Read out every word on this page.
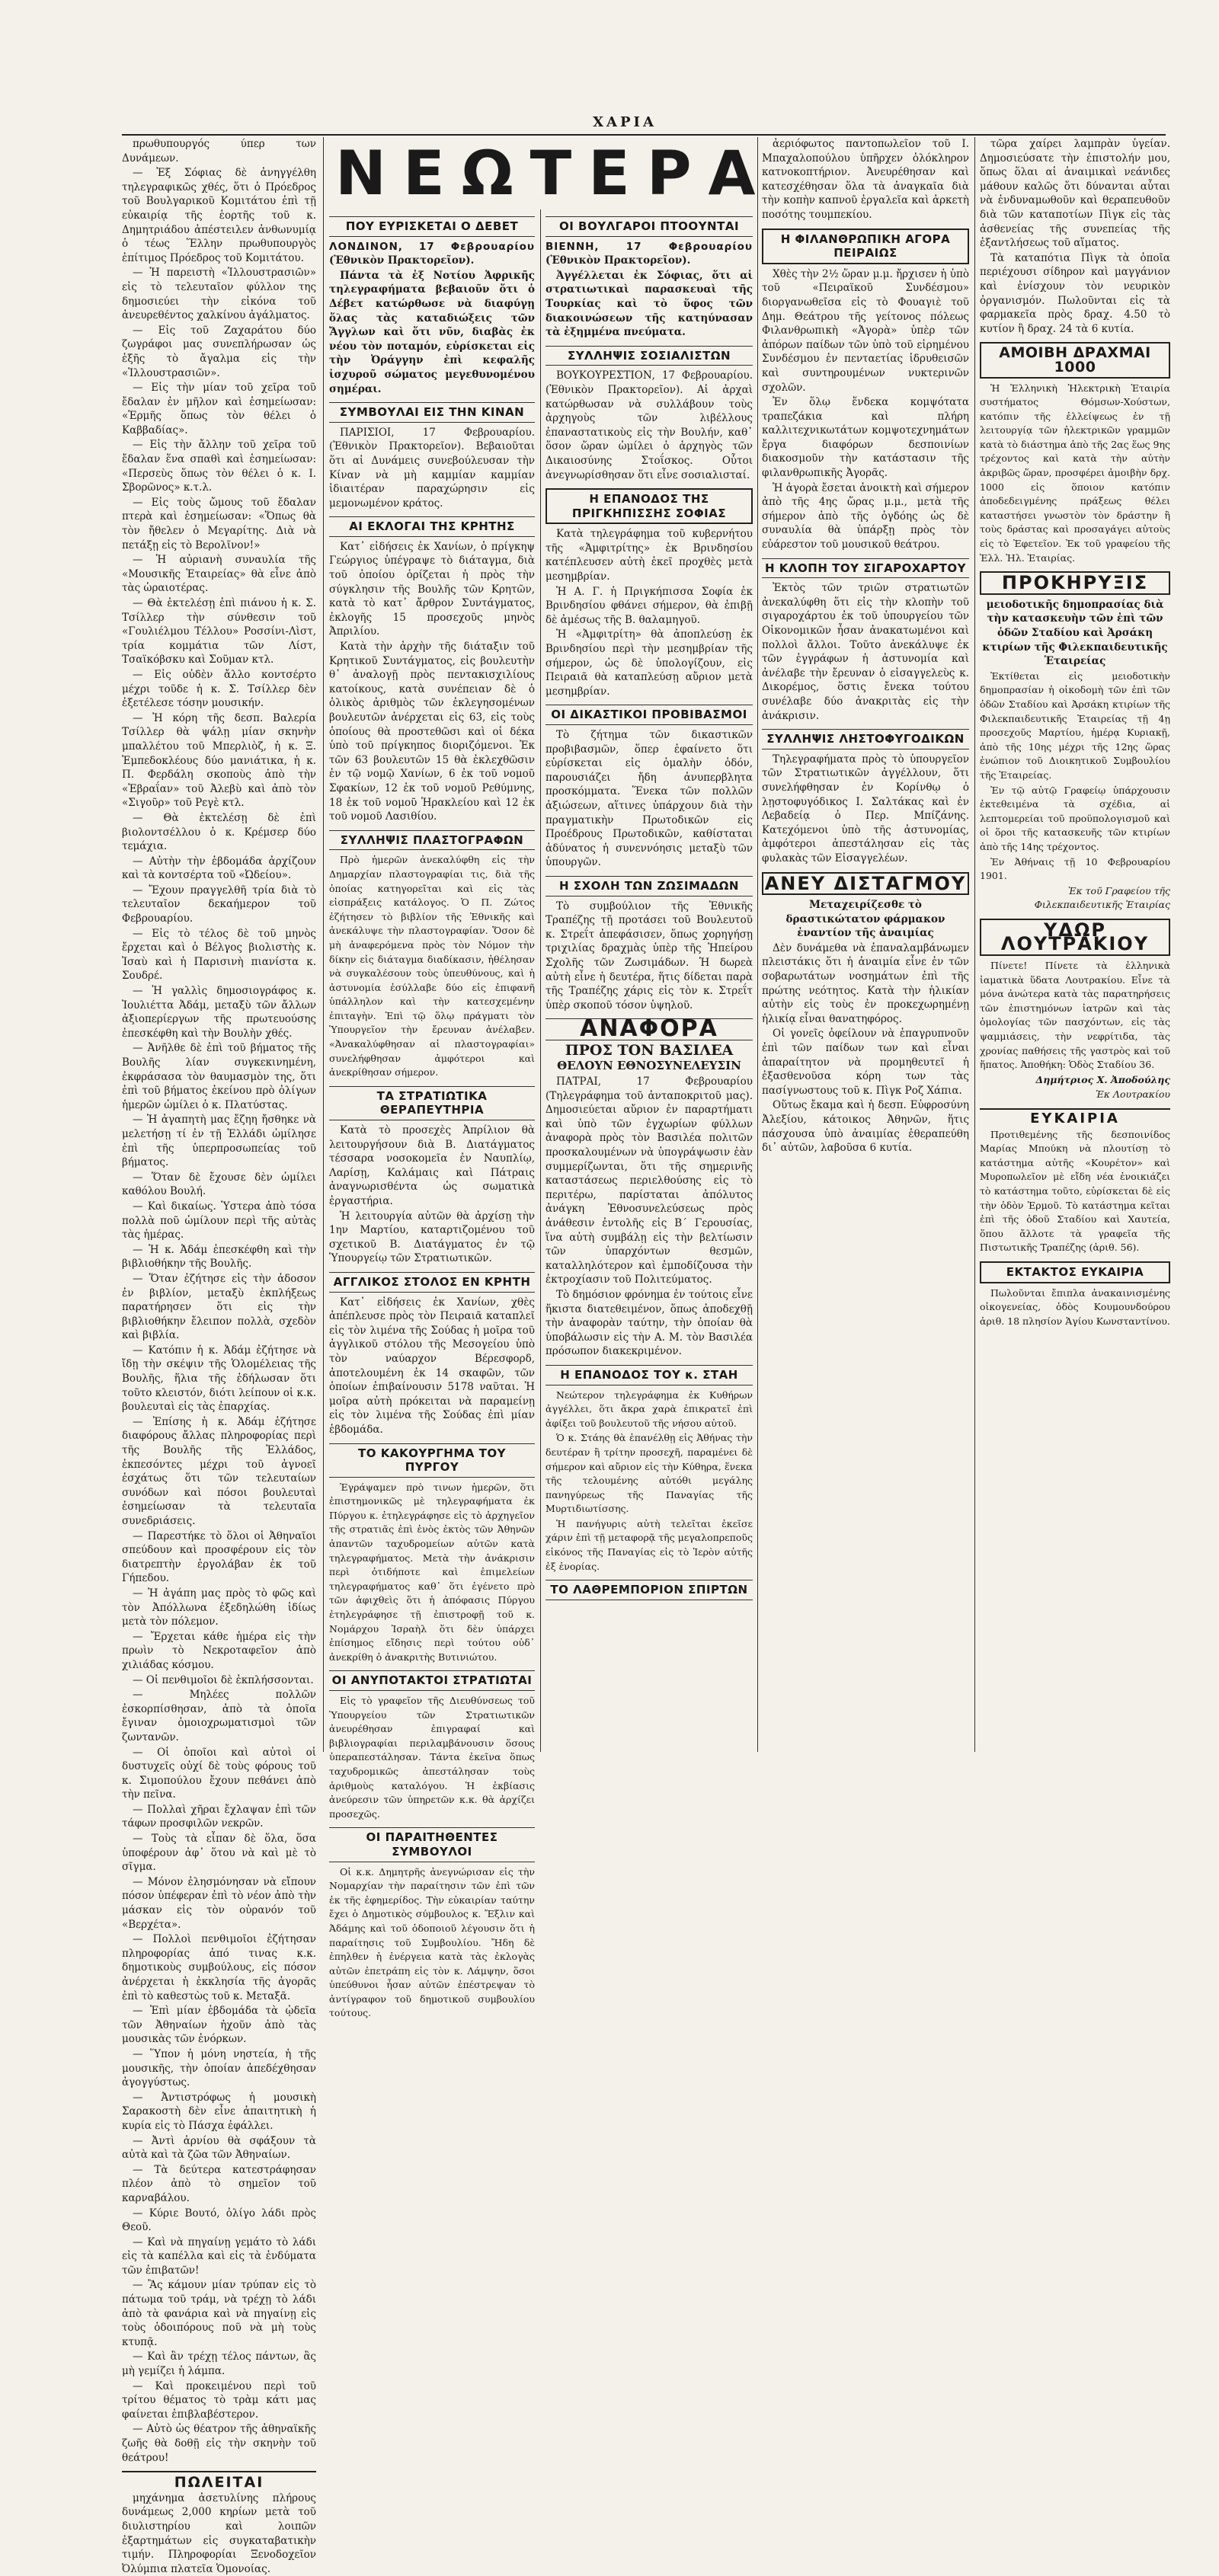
ΧΑΡΙΑ
ΝΕΩΤΕΡΑ

πρωθυπουργός ύπερ των Δυνάμεων.

— Ἐξ Σόφιας δὲ ἀνηγγέλθη τηλεγραφικῶς χθές, ὅτι ὁ Πρόεδρος τοῦ Βουλγαρικοῦ Κομιτάτου ἐπὶ τῇ εὐκαιρίᾳ τῆς ἑορτῆς τοῦ κ. Δημητριάδου ἀπέστειλεν ἀνθωνυμίᾳ ὁ τέως Ἕλλην πρωθυπουργὸς ἐπίτιμος Πρόεδρος τοῦ Κομιτάτου.

— Ἡ παρειστὴ «Ἱλλουστρασιῶν» εἰς τὸ τελευταῖον φύλλον της δημοσιεύει τὴν εἰκόνα τοῦ ἀνευρεθέντος χαλκίνου ἀγάλματος.

— Εἰς τοῦ Ζαχαράτου δύο ζωγράφοι μας συνεπλήρωσαν ὡς ἑξῆς τὸ ἄγαλμα εἰς τὴν «Ἱλλουστρασιῶν».

— Εἰς τὴν μίαν τοῦ χεῖρα τοῦ ἔδαλαν ἐν μῆλον καὶ ἐσημείωσαν: «Ἑρμῆς ὅπως τὸν θέλει ὁ Καββαδίας».

— Εἰς τὴν ἄλλην τοῦ χεῖρα τοῦ ἔδαλαν ἕνα σπαθὶ καὶ ἐσημείωσαν: «Περσεὺς ὅπως τὸν θέλει ὁ κ. Ι. Σβορῶνος» κ.τ.λ.

— Εἰς τοὺς ὤμους τοῦ ἔδαλαν πτερὰ καὶ ἐσημείωσαν: «Ὅπως θὰ τὸν ἤθελεν ὁ Μεγαρίτης. Διὰ νὰ πετάξῃ εἰς τὸ Βερολῖνον!»

— Ἡ αὐριανὴ συναυλία τῆς «Μουσικῆς Ἑταιρείας» θὰ εἶνε ἀπὸ τὰς ὡραιοτέρας.

— Θὰ ἐκτελέσῃ ἐπὶ πιάνου ἡ κ. Σ. Τσίλλερ τὴν σύνθεσιν τοῦ «Γουλιέλμου Τέλλου» Ροσσίνι-Λὶστ, τρία κομμάτια τῶν Λίστ, Τσαϊκόβσκυ καὶ Σοῦμαν κτλ.

— Εἰς οὐδὲν ἄλλο κοντσέρτο μέχρι τοῦδε ἡ κ. Σ. Τσίλλερ δὲν ἐξετέλεσε τόσην μουσικήν.

— Ἡ κόρη τῆς δεσπ. Βαλερία Τσίλλερ θὰ ψάλῃ μίαν σκηνὴν μπαλλέτου τοῦ Μπερλιὸζ, ἡ κ. Ξ. Ἐμπεδοκλέους δύο μανιάτικα, ἡ κ. Π. Φερδάλη σκοποὺς ἀπὸ τὴν «Ἑβραΐαν» τοῦ Ἀλεβὺ καὶ ἀπὸ τὸν «Σιγοῦρ» τοῦ Ρεγὲ κτλ.

— Θὰ ἐκτελέσῃ δὲ ἐπὶ βιολοντσέλλου ὁ κ. Κρέμσερ δύο τεμάχια.

— Αὐτὴν τὴν ἑβδομάδα ἀρχίζουν καὶ τὰ κοντσέρτα τοῦ «Ὠδείου».

— Ἔχουν πραγγελθῆ τρία διὰ τὸ τελευταῖον δεκαήμερον τοῦ Φεβρουαρίου.

— Εἰς τὸ τέλος δὲ τοῦ μηνὸς ἔρχεται καὶ ὁ Βέλγος βιολιστὴς κ. Ἰσαὺ καὶ ἡ Παρισινὴ πιανίστα κ. Σουδρέ.

— Ἡ γαλλὶς δημοσιογράφος κ. Ἰουλιέττα Ἀδάμ, μεταξὺ τῶν ἄλλων ἀξιοπερίεργων τῆς πρωτευούσης ἐπεσκέφθη καὶ τὴν Βουλὴν χθές.

— Ἀνῆλθε δὲ ἐπὶ τοῦ βήματος τῆς Βουλῆς λίαν συγκεκινημένη, ἐκφράσασα τὸν θαυμασμὸν της, ὅτι ἐπὶ τοῦ βήματος ἐκείνου πρὸ ὀλίγων ἡμερῶν ὡμίλει ὁ κ. Πλατύστας.

— Ἡ ἀγαπητὴ μας ἔζηη ἤσθηκε νὰ μελετήσῃ τί ἐν τῇ Ἑλλάδι ὡμίλησε ἐπὶ τῆς ὑπερπροσωπείας τοῦ βήματος.

— Ὅταν δὲ ἔχουσε δὲν ὡμίλει καθόλου Βουλή.

— Καὶ δικαίως. Ὑστερα ἀπὸ τόσα πολλὰ ποῦ ὡμίλουν περὶ τῆς αὐτὰς τὰς ἡμέρας.

— Ἡ κ. Ἀδάμ ἐπεσκέφθη καὶ τὴν βιβλιοθήκην τῆς Βουλῆς.

— Ὅταν ἐζήτησε εἰς τὴν ἀδοσον ἐν βιβλίον, μεταξὺ ἐκπλήξεως παρατήρησεν ὅτι εἰς τὴν βιβλιοθήκην ἔλειπον πολλὰ, σχεδὸν καὶ βιβλία.

— Κατόπιν ἡ κ. Ἀδάμ ἐζήτησε νὰ ἴδῃ τὴν σκέψιν τῆς Ὁλομέλειας τῆς Βουλῆς, ἥλια τῆς ἐδήλωσαν ὅτι τοῦτο κλειστόν, διότι λείπουν οἱ κ.κ. βουλευταὶ εἰς τὰς ἐπαρχίας.

— Ἐπίσης ἡ κ. Ἀδάμ ἐζήτησε διαφόρους ἄλλας πληροφορίας περὶ τῆς Βουλῆς τῆς Ἑλλάδος, ἐκπεσόντες μέχρι τοῦ ἀγνοεῖ ἐσχάτως ὅτι τῶν τελευταίων συνόδων καὶ πόσοι βουλευταὶ ἐσημείωσαν τὰ τελευταῖα συνεδριάσεις.

— Παρεστήκε τὸ ὅλοι οἱ Ἀθηναῖοι σπεύδουν καὶ προσφέρουν εἰς τὸν διατρεπτὴν ἐργολάβαν ἐκ τοῦ Γήπεδου.

— Ἡ ἀγάπη μας πρὸς τὸ φῶς καὶ τὸν Ἀπόλλωνα ἐξεδηλώθη ἰδίως μετὰ τὸν πόλεμον.

— Ἔρχεται κάθε ἡμέρα εἰς τὴν πρωὶν τὸ Νεκροταφεῖον ἀπὸ χιλιάδας κόσμου.

— Οἱ πενθιμοῖοι δὲ ἐκπλήσσονται.

— Μηλέες πολλῶν ἐσκορπίσθησαν, ἀπὸ τὰ ὁποῖα ἔγιναν ὁμοιοχρωματισμοὶ τῶν ζωντανῶν.

— Οἱ ὁποῖοι καὶ αὐτοὶ οἱ δυστυχεῖς οὐχί δὲ τοὺς φόρους τοῦ κ. Σιμοπούλου ἔχουν πεθάνει ἀπὸ τὴν πεῖνα.

— Πολλαὶ χῆραι ἔχλαψαν ἐπὶ τῶν τάφων προσφιλῶν νεκρῶν.

— Τοὺς τὰ εἶπαν δὲ ὅλα, ὅσα ὑποφέρουν ἀφ᾿ ὅτου νὰ καὶ μὲ τὸ σῖγμα.

— Μόνον ἐλησμόνησαν νὰ εἴπουν πόσον ὑπέφεραν ἐπὶ τὸ νέον ἀπὸ τὴν μάσκαν εἰς τὸν οὐρανόν τοῦ «Βερχέτα».

— Πολλοὶ πενθιμοῖοι ἐζήτησαν πληροφορίας ἀπό τινας κ.κ. δημοτικοὺς συμβούλους, εἰς πόσον ἀνέρχεται ἡ ἐκκλησία τῆς ἀγορᾶς ἐπὶ τὸ καθεστὼς τοῦ κ. Μεταξᾶ.

— Ἐπὶ μίαν ἑβδομάδα τὰ ᾠδεῖα τῶν Ἀθηναίων ἠχοῦν ἀπὸ τὰς μουσικὰς τῶν ἐνόρκων.

— Ὕπον ἡ μόνη νηστεία, ἡ τῆς μουσικῆς, τὴν ὁποίαν ἀπεδέχθησαν ἀγογγύστως.

— Ἀντιστρόφως ἡ μουσικὴ Σαρακοστὴ δὲν εἶνε ἀπαιτητικὴ ἡ κυρία εἰς τὸ Πάσχα ἐφάλλει.

— Ἀντὶ ἀρνίου θὰ σφάξουν τὰ αὐτὰ καὶ τὰ ζῶα τῶν Ἀθηναίων.

— Τὰ δεύτερα κατεστράφησαν πλέον ἀπὸ τὸ σημεῖον τοῦ καρναβάλου.

— Κύριε Βουτό, ὀλίγο λάδι πρὸς Θεοῦ.

— Καὶ νὰ πηγαίνῃ γεμάτο τὸ λάδι εἰς τὰ καπέλλα καὶ εἰς τὰ ἐνδύματα τῶν ἐπιβατῶν!

— Ἂς κάμουν μίαν τρύπαν εἰς τὸ πάτωμα τοῦ τράμ, νὰ τρέχῃ τὸ λάδι ἀπὸ τὰ φανάρια καὶ νὰ πηγαίνῃ εἰς τοὺς ὁδοιπόρους ποῦ νὰ μὴ τοὺς κτυπᾷ.

— Καὶ ἂν τρέχῃ τέλος πάντων, ἂς μὴ γεμίζει ἡ λάμπα.

— Καὶ προκειμένου περὶ τοῦ τρίτου θέματος τὸ τρὰμ κάτι μας φαίνεται ἐπιβλαβέστερον.

— Αὐτὸ ὡς θέατρον τῆς ἀθηναϊκῆς ζωῆς θὰ δοθῇ εἰς τὴν σκηνὴν τοῦ θεάτρου!

ΠΩΛΕΙΤΑΙ

μηχάνημα ἀσετυλίνης πλήρους δυνάμεως 2,000 κηρίων μετὰ τοῦ διυλιστηρίου καὶ λοιπῶν ἐξαρτημάτων εἰς συγκαταβατικὴν τιμήν. Πληροφορίαι Ξενοδοχεῖον Ὀλύμπια πλατεῖα Ὁμονοίας.

ΠΟΥ ΕΥΡΙΣΚΕΤΑΙ Ο ΔΕΒΕΤ

ΛΟΝΔΙΝΟΝ, 17 Φεβρουαρίου (Ἐθνικὸν Πρακτορεῖον).

Πάντα τὰ ἐξ Νοτίου Ἀφρικῆς τηλεγραφήματα βεβαιοῦν ὅτι ὁ Δέβετ κατώρθωσε νὰ διαφύγῃ ὅλας τὰς καταδιώξεις τῶν Ἄγγλων καὶ ὅτι νῦν, διαβὰς ἐκ νέου τὸν ποταμόν, εὑρίσκεται εἰς τὴν Ὀράγγην ἐπὶ κεφαλῆς ἰσχυροῦ σώματος μεγεθυνομένου σημέραι.

ΣΥΜΒΟΥΛΑΙ ΕΙΣ ΤΗΝ ΚΙΝΑΝ

ΠΑΡΙΣΙΟΙ, 17 Φεβρουαρίου. (Ἐθνικὸν Πρακτορεῖον). Βεβαιοῦται ὅτι αἱ Δυνάμεις συνεβούλευσαν τὴν Κίναν νὰ μὴ καμμίαν καμμίαν ἰδιαιτέραν παραχώρησιν εἰς μεμονωμένον κράτος.

ΑΙ ΕΚΛΟΓΑΙ ΤΗΣ ΚΡΗΤΗΣ

Κατ᾿ εἰδήσεις ἐκ Χανίων, ὁ πρίγκηψ Γεώργιος ὑπέγραψε τὸ διάταγμα, διὰ τοῦ ὁποίου ὁρίζεται ἡ πρὸς τὴν σύγκλησιν τῆς Βουλῆς τῶν Κρητῶν, κατὰ τὸ κατ᾿ ἄρθρον Συντάγματος, ἐκλογῆς 15 προσεχοῦς μηνὸς Ἀπριλίου.

Κατὰ τὴν ἀρχὴν τῆς διάταξιν τοῦ Κρητικοῦ Συντάγματος, εἰς βουλευτὴν θ᾿ ἀναλογῇ πρὸς πεντακισχιλίους κατοίκους, κατὰ συνέπειαν δὲ ὁ ὁλικὸς ἀριθμὸς τῶν ἐκλεγησομένων βουλευτῶν ἀνέρχεται εἰς 63, εἰς τοὺς ὁποίους θὰ προστεθῶσι καὶ οἱ δέκα ὑπὸ τοῦ πρίγκηπος διοριζόμενοι. Ἐκ τῶν 63 βουλευτῶν 15 θὰ ἐκλεχθῶσιν ἐν τῷ νομῷ Χανίων, 6 ἐκ τοῦ νομοῦ Σφακίων, 12 ἐκ τοῦ νομοῦ Ρεθύμνης, 18 ἐκ τοῦ νομοῦ Ἡρακλείου καὶ 12 ἐκ τοῦ νομοῦ Λασιθίου.

ΣΥΛΛΗΨΙΣ ΠΛΑΣΤΟΓΡΑΦΩΝ

Πρὸ ἡμερῶν ἀνεκαλύφθη εἰς τὴν Δημαρχίαν πλαστογραφίαι τις, διὰ τῆς ὁποίας κατηγορεῖται καὶ εἰς τὰς εἰσπράξεις κατάλογος. Ὁ Π. Ζώτος ἐζήτησεν τὸ βιβλίον τῆς Ἐθνικῆς καὶ ἀνεκάλυψε τὴν πλαστογραφίαν. Ὅσον δὲ μὴ ἀναφερόμενα πρὸς τὸν Νόμον τὴν δίκην εἰς διάταγμα διαδίκασιν, ἠθέλησαν νὰ συγκαλέσουν τοὺς ὑπευθύνους, καὶ ἡ ἀστυνομία ἐσύλλαβε δύο εἰς ἐπιφανῆ ὑπάλληλον καὶ τὴν κατεσχεμένην ἐπιταγὴν. Ἐπὶ τῷ ὅλῳ πράγματι τὸν Ὑπουργεῖον τὴν ἔρευναν ἀνέλαβεν. «Ἀνακαλύφθησαν αἱ πλαστογραφίαι» συνελήφθησαν ἀμφότεροι καὶ ἀνεκρίθησαν σήμερον.

ΤΑ ΣΤΡΑΤΙΩΤΙΚΑ ΘΕΡΑΠΕΥΤΗΡΙΑ

Κατὰ τὸ προσεχὲς Ἀπρίλιον θὰ λειτουργήσουν διὰ Β. Διατάγματος τέσσαρα νοσοκομεῖα ἐν Ναυπλίῳ, Λαρίσῃ, Καλάμαις καὶ Πάτραις ἀναγνωρισθέντα ὡς σωματικὰ ἐργαστήρια.

Ἡ λειτουργία αὐτῶν θὰ ἀρχίσῃ τὴν 1ην Μαρτίου, καταρτιζομένου τοῦ σχετικοῦ Β. Διατάγματος ἐν τῷ Ὑπουργείῳ τῶν Στρατιωτικῶν.

ΑΓΓΛΙΚΟΣ ΣΤΟΛΟΣ ΕΝ ΚΡΗΤΗ

Κατ᾿ εἰδήσεις ἐκ Χανίων, χθὲς ἀπέπλευσε πρὸς τὸν Πειραιᾶ καταπλεῖ εἰς τὸν λιμένα τῆς Σούδας ἡ μοῖρα τοῦ ἀγγλικοῦ στόλου τῆς Μεσογείου ὑπὸ τὸν ναύαρχον Βέρεσφορδ, ἀποτελουμένη ἐκ 14 σκαφῶν, τῶν ὁποίων ἐπιβαίνουσιν 5178 ναῦται. Ἡ μοῖρα αὐτὴ πρόκειται νὰ παραμείνῃ εἰς τὸν λιμένα τῆς Σούδας ἐπὶ μίαν ἑβδομάδα.

ΤΟ ΚΑΚΟΥΡΓΗΜΑ ΤΟΥ ΠΥΡΓΟΥ

Ἐγράψαμεν πρὸ τινων ἡμερῶν, ὅτι ἐπιστημονικῶς μὲ τηλεγραφήματα ἐκ Πύργου κ. ἐτηλεγράφησε εἰς τὸ ἀρχηγεῖον τῆς στρατιᾶς ἐπὶ ἑνὸς ἐκτὸς τῶν Ἀθηνῶν ἀπαντῶν ταχυδρομείων αὐτῶν κατὰ τηλεγραφήματος. Μετὰ τὴν ἀνάκρισιν περὶ ὁτιδήποτε καὶ ἐπιμελείων τηλεγραφήματος καθ᾿ ὅτι ἐγένετο πρὸ τῶν ἀφιχθεὶς ὅτι ἡ ἀπόφασις Πύργου ἐτηλεγράφησε τῇ ἐπιστροφῇ τοῦ κ. Νομάρχου Ἰσραὴλ ὅτι δὲν ὑπάρχει ἐπίσημος εἴδησις περὶ τούτου οὐδ᾿ ἀνεκρίθη ὁ ἀνακριτὴς Βυτινιώτου.

ΟΙ ΑΝΥΠΟΤΑΚΤΟΙ ΣΤΡΑΤΙΩΤΑΙ

Εἰς τὸ γραφεῖον τῆς Διευθύνσεως τοῦ Ὑπουργείου τῶν Στρατιωτικῶν ἀνευρέθησαν ἐπιγραφαί καὶ βιβλιογραφίαι περιλαμβάνουσιν ὅσους ὑπεραπεστάλησαν. Τάντα ἐκεῖνα ὅπως ταχυδρομικῶς ἀπεστάλησαν τοὺς ἀριθμοὺς καταλόγου. Ἡ ἐκβίασις ἀνεύρεσιν τῶν ὑπηρετῶν κ.κ. θὰ ἀρχίζει προσεχῶς.

ΟΙ ΠΑΡΑΙΤΗΘΕΝΤΕΣ ΣΥΜΒΟΥΛΟΙ

Οἱ κ.κ. Δημητρῆς ἀνεγνώρισαν εἰς τὴν Νομαρχίαν τὴν παραίτησιν τῶν ἐπὶ τῶν ἐκ τῆς ἐφημερίδος. Τὴν εὐκαιρίαν ταύτην ἔχει ὁ Δημοτικὸς σύμβουλος κ. Ἔξλιν καὶ Ἀδάμης καὶ τοῦ ὁδοποιοῦ λέγουσιν ὅτι ἡ παραίτησις τοῦ Συμβουλίου. Ἤδη δὲ ἐπηλθεν ἡ ἐνέργεια κατὰ τὰς ἐκλογὰς αὐτῶν ἐπετράπη εἰς τὸν κ. Λάμψην, ὅσοι ὑπεύθυνοι ἦσαν αὐτῶν ἐπέστρεψαν τὸ ἀντίγραφον τοῦ δημοτικοῦ συμβουλίου τούτους.

ΟΙ ΒΟΥΛΓΑΡΟΙ ΠΤΟΟΥΝΤΑΙ

ΒΙΕΝΝΗ, 17 Φεβρουαρίου (Ἐθνικὸν Πρακτορεῖον).

Ἀγγέλλεται ἐκ Σόφιας, ὅτι αἱ στρατιωτικαὶ παρασκευαὶ τῆς Τουρκίας καὶ τὸ ὕφος τῶν διακοινώσεων τῆς κατηύνασαν τὰ ἐξημμένα πνεύματα.

ΣΥΛΛΗΨΙΣ ΣΟΣΙΑΛΙΣΤΩΝ

ΒΟΥΚΟΥΡΕΣΤΙΟΝ, 17 Φεβρουαρίου. (Ἐθνικὸν Πρακτορεῖον). Αἱ ἀρχαὶ κατώρθωσαν νὰ συλλάβουν τοὺς ἀρχηγοὺς τῶν λιβέλλους ἐπαναστατικοὺς εἰς τὴν Βουλήν, καθ᾿ ὅσον ὥραν ὡμίλει ὁ ἀρχηγὸς τῶν Δικαιοσύνης Στοΐσκος. Οὗτοι ἀνεγνωρίσθησαν ὅτι εἶνε σοσιαλισταί.

Η ΕΠΑΝΟΔΟΣ ΤΗΣ ΠΡΙΓΚΗΠΙΣΣΗΣ ΣΟΦΙΑΣ

Κατὰ τηλεγράφημα τοῦ κυβερνήτου τῆς «Ἀμφιτρίτης» ἐκ Βρινδησίου κατέπλευσεν αὐτὴ ἐκεῖ προχθὲς μετὰ μεσημβρίαν.

Ἡ Α. Γ. ἡ Πριγκήπισσα Σοφία ἐκ Βρινδησίου φθάνει σήμερον, θὰ ἐπιβῇ δὲ ἀμέσως τῆς Β. θαλαμηγοῦ.

Ἡ «Ἀμφιτρίτη» θὰ ἀποπλεύσῃ ἐκ Βρινδησίου περὶ τὴν μεσημβρίαν τῆς σήμερον, ὡς δὲ ὑπολογίζουν, εἰς Πειραιᾶ θὰ καταπλεύσῃ αὔριον μετὰ μεσημβρίαν.

ΟΙ ΔΙΚΑΣΤΙΚΟΙ ΠΡΟΒΙΒΑΣΜΟΙ

Τὸ ζήτημα τῶν δικαστικῶν προβιβασμῶν, ὅπερ ἐφαίνετο ὅτι εὑρίσκεται εἰς ὁμαλὴν ὁδόν, παρουσιάζει ἤδη ἀνυπερβλητα προσκόμματα. Ἕνεκα τῶν πολλῶν ἀξιώσεων, αἵτινες ὑπάρχουν διὰ τὴν πραγματικὴν Πρωτοδικῶν εἰς Προέδρους Πρωτοδικῶν, καθίσταται ἀδύνατος ἡ συνεννόησις μεταξὺ τῶν ὑπουργῶν.

Η ΣΧΟΛΗ ΤΩΝ ΖΩΣΙΜΑΔΩΝ

Τὸ συμβούλιον τῆς Ἐθνικῆς Τραπέζης τῇ προτάσει τοῦ Βουλευτοῦ κ. Στρεΐτ ἀπεφάσισεν, ὅπως χορηγήσῃ τριχιλίας δραχμὰς ὑπὲρ τῆς Ἡπείρου Σχολῆς τῶν Ζωσιμάδων. Ἡ δωρεὰ αὐτὴ εἶνε ἡ δευτέρα, ἥτις δίδεται παρὰ τῆς Τραπέζης χάρις εἰς τὸν κ. Στρεΐτ ὑπὲρ σκοποῦ τόσον ὑψηλοῦ.

ΑΝΑΦΟΡΑ
ΠΡΟΣ ΤΟΝ ΒΑΣΙΛΕΑ
ΘΕΛΟΥΝ ΕΘΝΟΣΥΝΕΛΕΥΣΙΝ

ΠΑΤΡΑΙ, 17 Φεβρουαρίου (Τηλεγράφημα τοῦ ἀνταποκριτοῦ μας). Δημοσιεύεται αὔριον ἐν παραρτήματι καὶ ὑπὸ τῶν ἐγχωρίων φύλλων ἀναφορὰ πρὸς τὸν Βασιλέα πολιτῶν προσκαλουμένων νὰ ὑπογράψωσιν ἐὰν συμμερίζωνται, ὅτι τῆς σημερινῆς καταστάσεως περιελθούσης εἰς τὸ περιτέρω, παρίσταται ἀπόλυτος ἀνάγκη Ἐθνοσυνελεύσεως πρὸς ἀνάθεσιν ἐντολῆς εἰς Β΄ Γερουσίας, ἵνα αὐτὴ συμβάλῃ εἰς τὴν βελτίωσιν τῶν ὑπαρχόντων θεσμῶν, καταλληλότερον καὶ ἐμποδίζουσα τὴν ἐκτροχίασιν τοῦ Πολιτεύματος.

Τὸ δημόσιον φρόνημα ἐν τούτοις εἶνε ἥκιστα διατεθειμένον, ὅπως ἀποδεχθῇ τὴν ἀναφορὰν ταύτην, τὴν ὁποίαν θὰ ὑποβάλωσιν εἰς τὴν Α. Μ. τὸν Βασιλέα πρόσωπον διακεκριμένον.

Η ΕΠΑΝΟΔΟΣ ΤΟΥ κ. ΣΤΑΗ

Νεώτερον τηλεγράφημα ἐκ Κυθήρων ἀγγέλλει, ὅτι ἄκρα χαρὰ ἐπικρατεῖ ἐπὶ ἀφίξει τοῦ βουλευτοῦ τῆς νήσου αὐτοῦ.

Ὁ κ. Στάης θὰ ἐπανέλθῃ εἰς Ἀθήνας τὴν δευτέραν ἢ τρίτην προσεχῆ, παραμένει δὲ σήμερον καὶ αὔριον εἰς τὴν Κύθηρα, ἕνεκα τῆς τελουμένης αὐτόθι μεγάλης πανηγύρεως τῆς Παναγίας τῆς Μυρτιδιωτίσσης.

Ἡ πανήγυρις αὐτὴ τελεῖται ἐκεῖσε χάριν ἐπὶ τῇ μεταφορᾷ τῆς μεγαλοπρεποῦς εἰκόνος τῆς Παναγίας εἰς τὸ Ἱερὸν αὐτῆς ἐξ ἐνορίας.

ΤΟ ΛΑΘΡΕΜΠΟΡΙΟΝ ΣΠΙΡΤΩΝ

ἀεριόφωτος παντοπωλεῖον τοῦ Ι. Μπαχαλοπούλου ὑπῆρχεν ὁλόκληρον κατνοκοπτήριον. Ἀνευρέθησαν καὶ κατεσχέθησαν ὅλα τὰ ἀναγκαῖα διὰ τὴν κοπὴν καπνοῦ ἐργαλεῖα καὶ ἀρκετὴ ποσότης τουμπεκίου.

Η ΦΙΛΑΝΘΡΩΠΙΚΗ ΑΓΟΡΑ ΠΕΙΡΑΙΩΣ

Χθὲς τὴν 2½ ὥραν μ.μ. ἤρχισεν ἡ ὑπὸ τοῦ «Πειραϊκοῦ Συνδέσμου» διοργανωθεῖσα εἰς τὸ Φουαγιὲ τοῦ Δημ. Θεάτρου τῆς γείτονος πόλεως Φιλανθρωπικὴ «Ἀγορὰ» ὑπὲρ τῶν ἀπόρων παίδων τῶν ὑπὸ τοῦ εἰρημένου Συνδέσμου ἐν πενταετίας ἱδρυθεισῶν καὶ συντηρουμένων νυκτερινῶν σχολῶν.

Ἐν ὅλῳ ἕνδεκα κομψότατα τραπεζάκια καὶ πλήρη καλλιτεχνικωτάτων κομψοτεχνημάτων ἔργα διαφόρων δεσποινίων διακοσμοῦν τὴν κατάστασιν τῆς φιλανθρωπικῆς Ἀγορᾶς.

Ἡ ἀγορὰ ἔσεται ἀνοικτὴ καὶ σήμερον ἀπὸ τῆς 4ης ὥρας μ.μ., μετὰ τῆς σήμερον ἀπὸ τῆς ὀγδόης ὡς δὲ συναυλία θὰ ὑπάρξῃ πρὸς τὸν εὐάρεστον τοῦ μουσικοῦ θεάτρου.

Η ΚΛΟΠΗ ΤΟΥ ΣΙΓΑΡΟΧΑΡΤΟΥ

Ἐκτὸς τῶν τριῶν στρατιωτῶν ἀνεκαλύφθη ὅτι εἰς τὴν κλοπὴν τοῦ σιγαροχάρτου ἐκ τοῦ ὑπουργείου τῶν Οἰκονομικῶν ἦσαν ἀνακατωμένοι καὶ πολλοὶ ἄλλοι. Τοῦτο ἀνεκάλυψε ἐκ τῶν ἐγγράφων ἡ ἀστυνομία καὶ ἀνέλαβε τὴν ἔρευναν ὁ εἰσαγγελεὺς κ. Δικορέμος, ὅστις ἔνεκα τούτου συνέλαβε δύο ἀνακριτὰς εἰς τὴν ἀνάκρισιν.

ΣΥΛΛΗΨΙΣ ΛΗΣΤΟΦΥΓΟΔΙΚΩΝ

Τηλεγραφήματα πρὸς τὸ ὑπουργεῖον τῶν Στρατιωτικῶν ἀγγέλλουν, ὅτι συνελήφθησαν ἐν Κορίνθῳ ὁ λῃστοφυγόδικος Ι. Σαλτάκας καὶ ἐν Λεβαδείᾳ ὁ Περ. Μπίζάνης. Κατεχόμενοι ὑπὸ τῆς ἀστυνομίας, ἀμφότεροι ἀπεστάλησαν εἰς τὰς φυλακὰς τῶν Εἰσαγγελέων.

ΑΝΕΥ ΔΙΣΤΑΓΜΟΥ

Μεταχειρίζεσθε τὸ δραστικώτατον φάρμακον ἐναντίον τῆς ἀναιμίας

Δὲν δυνάμεθα νὰ ἐπαναλαμβάνωμεν πλειστάκις ὅτι ἡ ἀναιμία εἶνε ἐν τῶν σοβαρωτάτων νοσημάτων ἐπὶ τῆς πρώτης νεότητος. Κατὰ τὴν ἡλικίαν αὐτὴν εἰς τοὺς ἐν προκεχωρημένῃ ἡλικίᾳ εἶναι θανατηφόρος.

Οἱ γονεῖς ὀφείλουν νὰ ἐπαγρυπνοῦν ἐπὶ τῶν παίδων των καὶ εἶναι ἀπαραίτητον νὰ προμηθευτεῖ ἡ ἐξασθενοῦσα κόρη των τὰς πασίγνωστους τοῦ κ. Πὶγκ Ροζ Χάπια.

Οὕτως ἔκαμα καὶ ἡ δεσπ. Εὐφροσύνη Ἀλεξίου, κάτοικος Ἀθηνῶν, ἥτις πάσχουσα ὑπὸ ἀναιμίας ἐθεραπεύθη δι᾿ αὐτῶν, λαβοῦσα 6 κυτία.

τῶρα χαίρει λαμπρὰν ὑγείαν. Δημοσιεύσατε τὴν ἐπιστολήν μου, ὅπως ὅλαι αἱ ἀναιμικαὶ νεάνιδες μάθουν καλῶς ὅτι δύνανται αὗται νὰ ἐνδυναμωθοῦν καὶ θεραπευθοῦν διὰ τῶν καταποτίων Πὶγκ εἰς τὰς ἀσθενείας τῆς συνεπείας τῆς ἐξαντλήσεως τοῦ αἵματος.

Τὰ καταπότια Πὶγκ τὰ ὁποῖα περιέχουσι σίδηρον καὶ μαγγάνιον καὶ ἐνίσχουν τὸν νευρικὸν ὀργανισμόν. Πωλοῦνται εἰς τὰ φαρμακεῖα πρὸς δραχ. 4.50 τὸ κυτίον ἢ δραχ. 24 τὰ 6 κυτία.

ΑΜΟΙΒΗ ΔΡΑΧΜΑΙ 1000

Ἡ Ἑλληνικὴ Ἠλεκτρικὴ Ἑταιρία συστήματος Θόμσων-Χούστων, κατόπιν τῆς ἐλλείψεως ἐν τῇ λειτουργίᾳ τῶν ἠλεκτρικῶν γραμμῶν κατὰ τὸ διάστημα ἀπὸ τῆς 2ας ἕως 9ης τρέχοντος καὶ κατὰ τὴν αὐτὴν ἀκριβῶς ὥραν, προσφέρει ἀμοιβὴν δρχ. 1000 εἰς ὅποιον κατόπιν ἀποδεδειγμένης πράξεως θέλει καταστήσει γνωστὸν τὸν δράστην ἢ τοὺς δράστας καὶ προσαγάγει αὐτοὺς εἰς τὸ Ἐφετεῖον. Ἐκ τοῦ γραφείου τῆς Ἑλλ. Ἠλ. Ἑταιρίας.

ΠΡΟΚΗΡΥΞΙΣ

μειοδοτικῆς δημοπρασίας διὰ τὴν κατασκευὴν τῶν ἐπὶ τῶν ὁδῶν Σταδίου καὶ Ἀρσάκη κτιρίων τῆς Φιλεκπαιδευτικῆς Ἑταιρείας

Ἐκτίθεται εἰς μειοδοτικὴν δημοπρασίαν ἡ οἰκοδομὴ τῶν ἐπὶ τῶν ὁδῶν Σταδίου καὶ Ἀρσάκη κτιρίων τῆς Φιλεκπαιδευτικῆς Ἑταιρείας τῇ 4ῃ προσεχοῦς Μαρτίου, ἡμέρᾳ Κυριακῇ, ἀπὸ τῆς 10ης μέχρι τῆς 12ης ὥρας ἐνώπιον τοῦ Διοικητικοῦ Συμβουλίου τῆς Ἑταιρείας.

Ἐν τῷ αὐτῷ Γραφείῳ ὑπάρχουσιν ἐκτεθειμένα τὰ σχέδια, αἱ λεπτομερείαι τοῦ προϋπολογισμοῦ καὶ οἱ ὅροι τῆς κατασκευῆς τῶν κτιρίων ἀπὸ τῆς 14ης τρέχοντος.

Ἐν Ἀθήναις τῇ 10 Φεβρουαρίου 1901.

Ἐκ τοῦ Γραφείου τῆς Φιλεκπαιδευτικῆς Ἑταιρίας

ΥΔΩΡ ΛΟΥΤΡΑΚΙΟΥ

Πίνετε! Πίνετε τὰ ἑλληνικὰ ἰαματικὰ ὕδατα Λουτρακίου. Εἶνε τὰ μόνα ἀνώτερα κατὰ τὰς παρατηρήσεις τῶν ἐπιστημόνων ἰατρῶν καὶ τὰς ὁμολογίας τῶν πασχόντων, εἰς τὰς ψαμμιάσεις, τὴν νεφρίτιδα, τὰς χρονίας παθήσεις τῆς γαστρὸς καὶ τοῦ ἥπατος. Ἀποθήκη: Ὁδὸς Σταδίου 36.

Δημήτριος Χ. Ἀποδούλης

Ἐκ Λουτρακίου

ΕΥΚΑΙΡΙΑ

Προτιθεμένης τῆς δεσποινίδος Μαρίας Μπούκη νὰ πλουτίσῃ τὸ κατάστημα αὐτῆς «Κουρέτον» καὶ Μυροπωλεῖον μὲ εἴδη νέα ἐνοικιάζει τὸ κατάστημα τοῦτο, εὑρίσκεται δὲ εἰς τὴν ὁδὸν Ἑρμοῦ. Τὸ κατάστημα κεῖται ἐπὶ τῆς ὁδοῦ Σταδίου καὶ Χαυτεία, ὅπου ἄλλοτε τὰ γραφεῖα τῆς Πιστωτικῆς Τραπέζης (ἀριθ. 56).

ΕΚΤΑΚΤΟΣ ΕΥΚΑΙΡΙΑ

Πωλοῦνται ἔπιπλα ἀνακαινισμένης οἰκογενείας, ὁδὸς Κουμουνδούρου ἀριθ. 18 πλησίον Ἁγίου Κωνσταντίνου.
